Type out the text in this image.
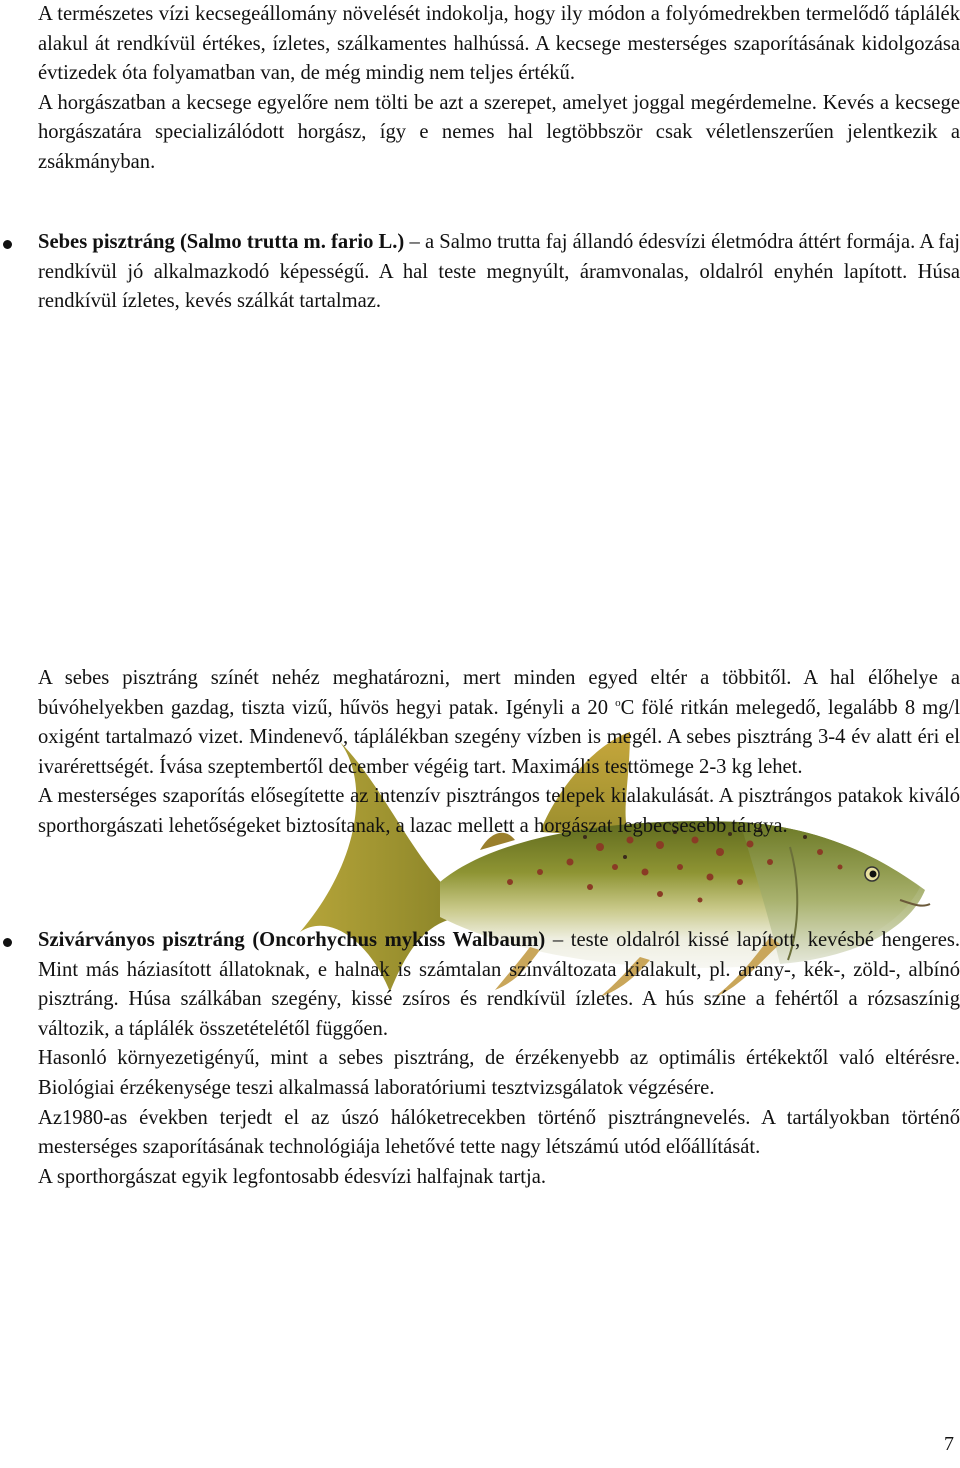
A természetes vízi kecsegeállomány növelését indokolja, hogy ily módon a folyómedrekben termelődő táplálék alakul át rendkívül értékes, ízletes, szálkamentes halhússá. A kecsege mesterséges szaporításának kidolgozása évtizedek óta folyamatban van, de még mindig nem teljes értékű.

A horgászatban a kecsege egyelőre nem tölti be azt a szerepet, amelyet joggal megérdemelne. Kevés a kecsege horgászatára specializálódott horgász, így e nemes hal legtöbbször csak véletlenszerűen jelentkezik a zsákmányban.

Sebes pisztráng (Salmo trutta m. fario L.) – a Salmo trutta faj állandó édesvízi életmódra áttért formája. A faj rendkívül jó alkalmazkodó képességű. A hal teste megnyúlt, áramvonalas, oldalról enyhén lapított. Húsa rendkívül ízletes, kevés szálkát tartalmaz.

A sebes pisztráng színét nehéz meghatározni, mert minden egyed eltér a többitől. A hal élőhelye a búvóhelyekben gazdag, tiszta vizű, hűvös hegyi patak. Igényli a 20 $^o$C fölé ritkán melegedő, legalább 8 mg/l oxigént tartalmazó vizet. Mindenevő, táplálékban szegény vízben is megél. A sebes pisztráng 3-4 év alatt éri el ivarérettségét. Ívása szeptembertől december végéig tart. Maximális testtömege 2-3 kg lehet.

A mesterséges szaporítás elősegítette az intenzív pisztrángos telepek kialakulását. A pisztrángos patakok kiváló sporthorgászati lehetőségeket biztosítanak, a lazac mellett a horgászat legbecsesebb tárgya.

Szivárványos pisztráng (Oncorhychus mykiss Walbaum) – teste oldalról kissé lapított, kevésbé hengeres. Mint más háziasított állatoknak, e halnak is számtalan színváltozata kialakult, pl. arany-, kék-, zöld-, albínó pisztráng. Húsa szálkában szegény, kissé zsíros és rendkívül ízletes. A hús színe a fehértől a rózsaszínig változik, a táplálék összetételétől függően.

Hasonló környezetigényű, mint a sebes pisztráng, de érzékenyebb az optimális értékektől való eltérésre. Biológiai érzékenysége teszi alkalmassá laboratóriumi tesztvizsgálatok végzésére.

Az1980-as években terjedt el az úszó hálóketrecekben történő pisztrángnevelés. A tartályokban történő mesterséges szaporításának technológiája lehetővé tette nagy létszámú utód előállítását.

A sporthorgászat egyik legfontosabb édesvízi halfajnak tartja.

7
